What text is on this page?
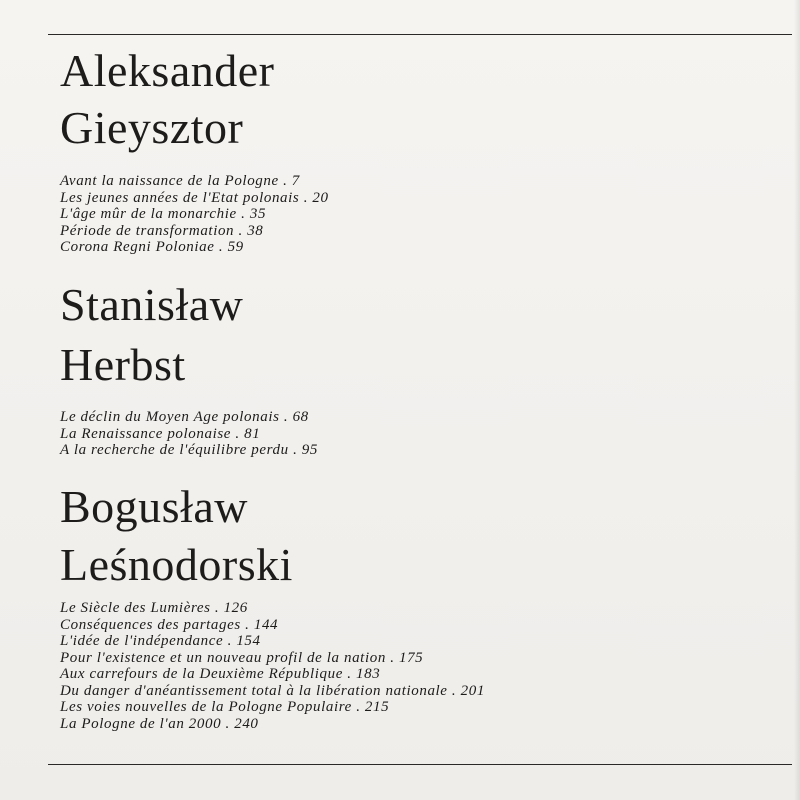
Aleksander
Gieysztor
Avant la naissance de la Pologne . 7
Les jeunes années de l'Etat polonais . 20
L'âge mûr de la monarchie . 35
Période de transformation . 38
Corona Regni Poloniae . 59
Stanisław
Herbst
Le déclin du Moyen Age polonais . 68
La Renaissance polonaise . 81
A la recherche de l'équilibre perdu . 95
Bogusław
Leśnodorski
Le Siècle des Lumières . 126
Conséquences des partages . 144
L'idée de l'indépendance . 154
Pour l'existence et un nouveau profil de la nation . 175
Aux carrefours de la Deuxième République . 183
Du danger d'anéantissement total à la libération nationale . 201
Les voies nouvelles de la Pologne Populaire . 215
La Pologne de l'an 2000 . 240
